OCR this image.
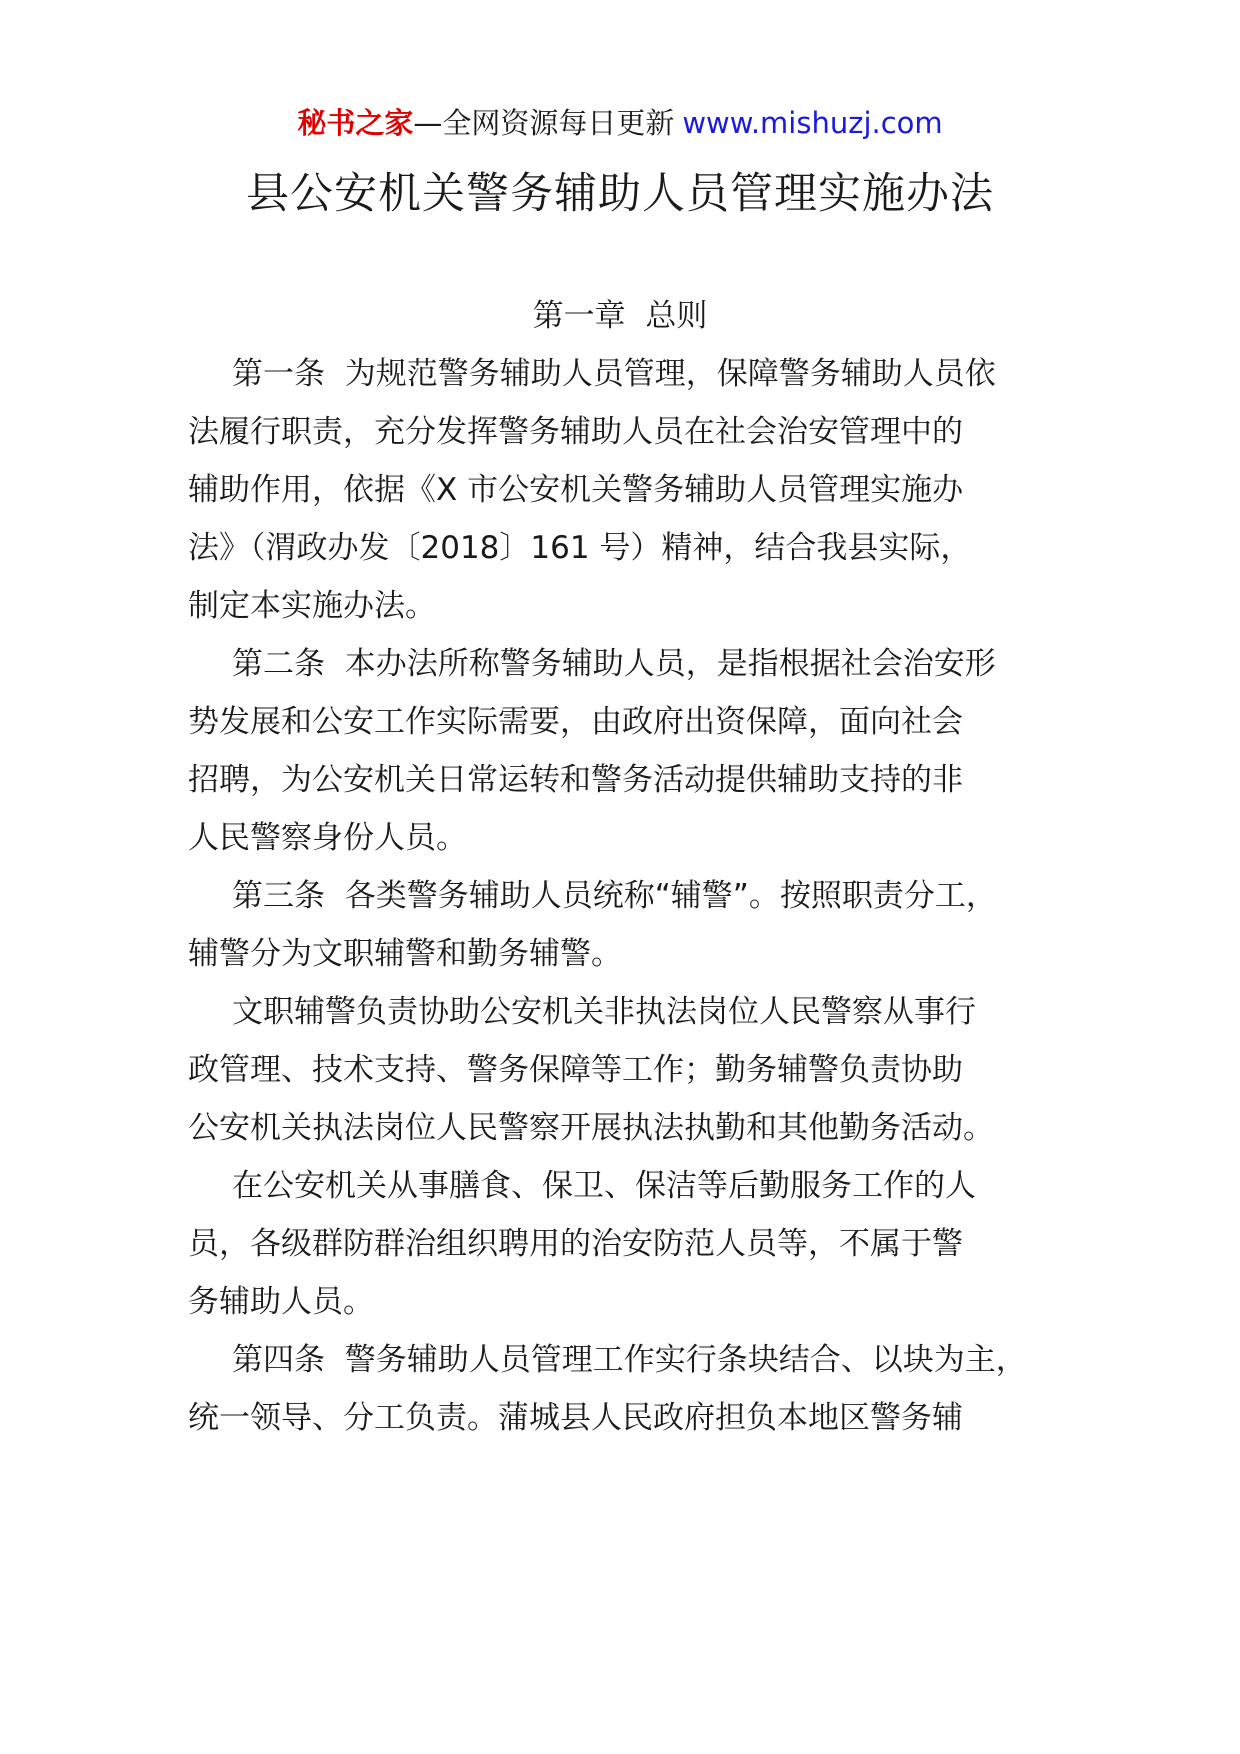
秘书之家—全网资源每日更新 www.mishuzj.com
县公安机关警务辅助人员管理实施办法
第一章  总则
第一条  为规范警务辅助人员管理，保障警务辅助人员依
法履行职责，充分发挥警务辅助人员在社会治安管理中的
辅助作用，依据《X 市公安机关警务辅助人员管理实施办
法》（渭政办发〔2018〕161 号）精神，结合我县实际，
制定本实施办法。
第二条  本办法所称警务辅助人员，是指根据社会治安形
势发展和公安工作实际需要，由政府出资保障，面向社会
招聘，为公安机关日常运转和警务活动提供辅助支持的非
人民警察身份人员。
第三条  各类警务辅助人员统称“辅警”。按照职责分工，
辅警分为文职辅警和勤务辅警。
文职辅警负责协助公安机关非执法岗位人民警察从事行
政管理、技术支持、警务保障等工作；勤务辅警负责协助
公安机关执法岗位人民警察开展执法执勤和其他勤务活动。
在公安机关从事膳食、保卫、保洁等后勤服务工作的人
员，各级群防群治组织聘用的治安防范人员等，不属于警
务辅助人员。
第四条  警务辅助人员管理工作实行条块结合、以块为主，
统一领导、分工负责。蒲城县人民政府担负本地区警务辅
